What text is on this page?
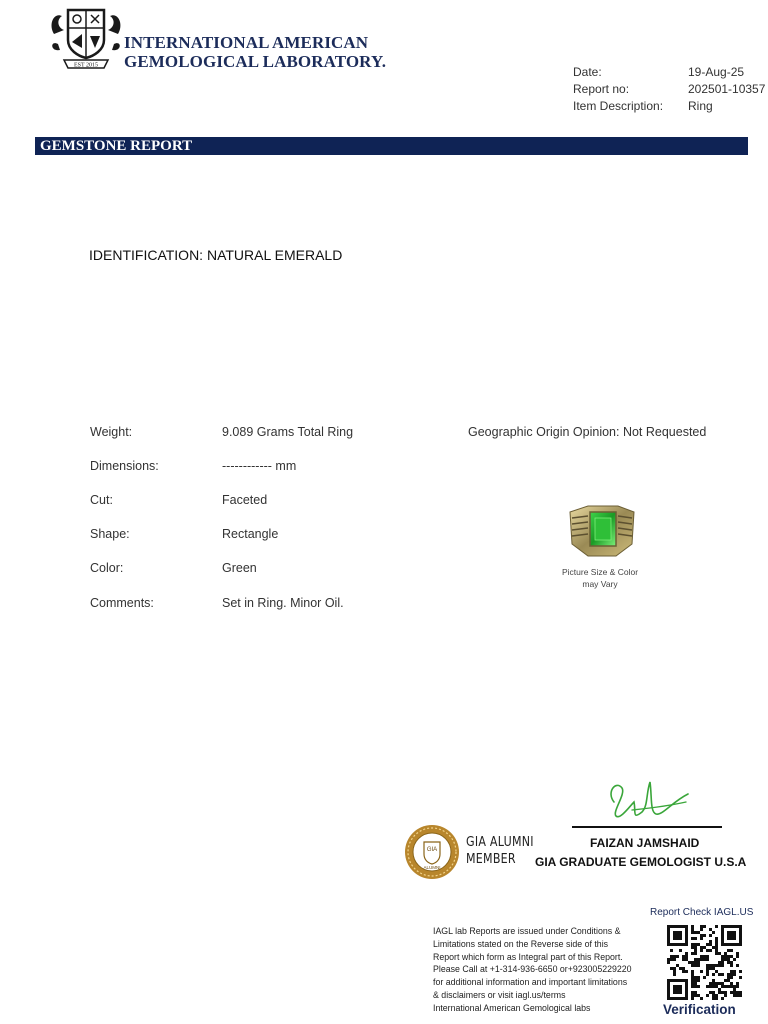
EST 2015
INTERNATIONAL AMERICAN
GEMOLOGICAL LABORATORY.
Date:	19-Aug-25
Report no:	202501-10357
Item Description: Ring
GEMSTONE REPORT
IDENTIFICATION: NATURAL EMERALD
Weight:	9.089 Grams Total Ring
Dimensions:	------------ mm
Cut:	Faceted
Shape:	Rectangle
Color:	Green
Comments:	Set in Ring. Minor Oil.
Geographic Origin Opinion: Not Requested
Picture Size & Color
may Vary
FAIZAN JAMSHAID
GIA GRADUATE GEMOLOGIST U.S.A
GIA
ALUMNI
GIA ALUMNI
MEMBER
IAGL lab Reports are issued under Conditions &
Limitations stated on the Reverse side of this
Report which form as Integral part of this Report.
Please Call at +1-314-936-6650 or+923005229220
for additional information and important limitations
& disclaimers or visit iagl.us/terms
International American Gemological labs
Report Check IAGL.US
Verification
